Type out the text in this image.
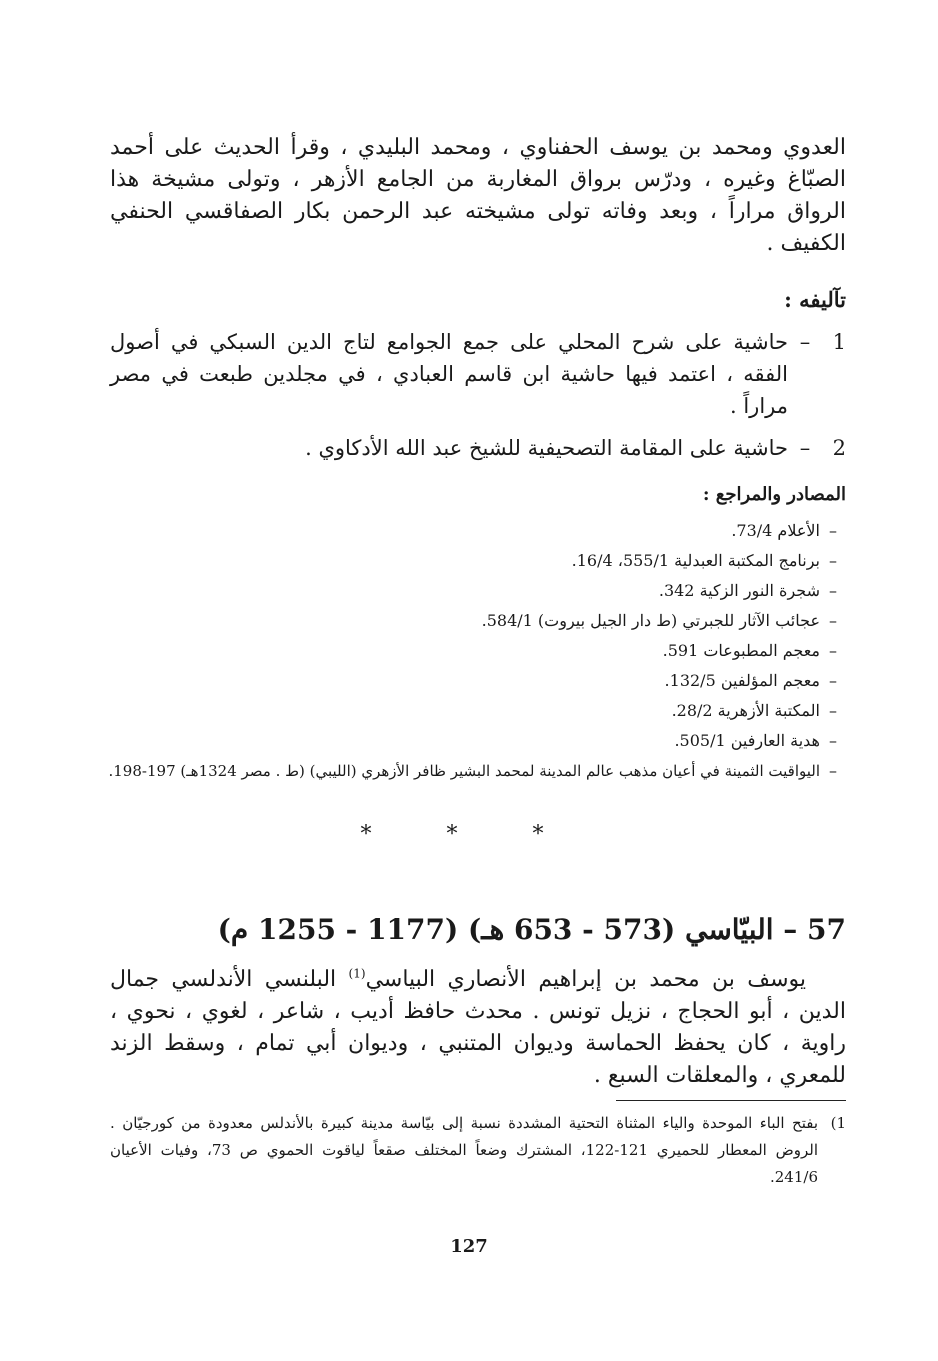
العدوي ومحمد بن يوسف الحفناوي ، ومحمد البليدي ، وقرأ الحديث على أحمد الصبّاغ وغيره ، ودرّس برواق المغاربة من الجامع الأزهر ، وتولى مشيخة هذا الرواق مراراً ، وبعد وفاته تولى مشيخته عبد الرحمن بكار الصفاقسي الحنفي الكفيف .

تآليفه :
1
–
حاشية على شرح المحلي على جمع الجوامع لتاج الدين السبكي في أصول الفقه ، اعتمد فيها حاشية ابن قاسم العبادي ، في مجلدين طبعت في مصر مراراً .
2
–
حاشية على المقامة التصحيفية للشيخ عبد الله الأدكاوي .
المصادر والمراجع :
–
الأعلام 73/4.
–
برنامج المكتبة العبدلية 555/1، 16/4.
–
شجرة النور الزكية 342.
–
عجائب الآثار للجبرتي (ط دار الجيل بيروت) 584/1.
–
معجم المطبوعات 591.
–
معجم المؤلفين 132/5.
–
المكتبة الأزهرية 28/2.
–
هدية العارفين 505/1.
–
اليواقيت الثمينة في أعيان مذهب عالم المدينة لمحمد البشير ظافر الأزهري (الليبي) (ط . مصر 1324هـ) 197-198.
* * *
57 – البيّاسي (573 - 653 هـ) (1177 - 1255 م)

يوسف بن محمد بن إبراهيم الأنصاري البياسي$^{(1)}$ البلنسي الأندلسي جمال الدين ، أبو الحجاج ، نزيل تونس . محدث حافظ أديب ، شاعر ، لغوي ، نحوي ، راوية ، كان يحفظ الحماسة وديوان المتنبي ، وديوان أبي تمام ، وسقط الزند للمعري ، والمعلقات السبع .

1)
بفتح الباء الموحدة والياء المثناة التحتية المشددة نسبة إلى بيّاسة مدينة كبيرة بالأندلس معدودة من كورجيّان . الروض المعطار للحميري 121-122، المشترك وضعاً المختلف صقعاً لياقوت الحموي ص 73، وفيات الأعيان 241/6.
127
